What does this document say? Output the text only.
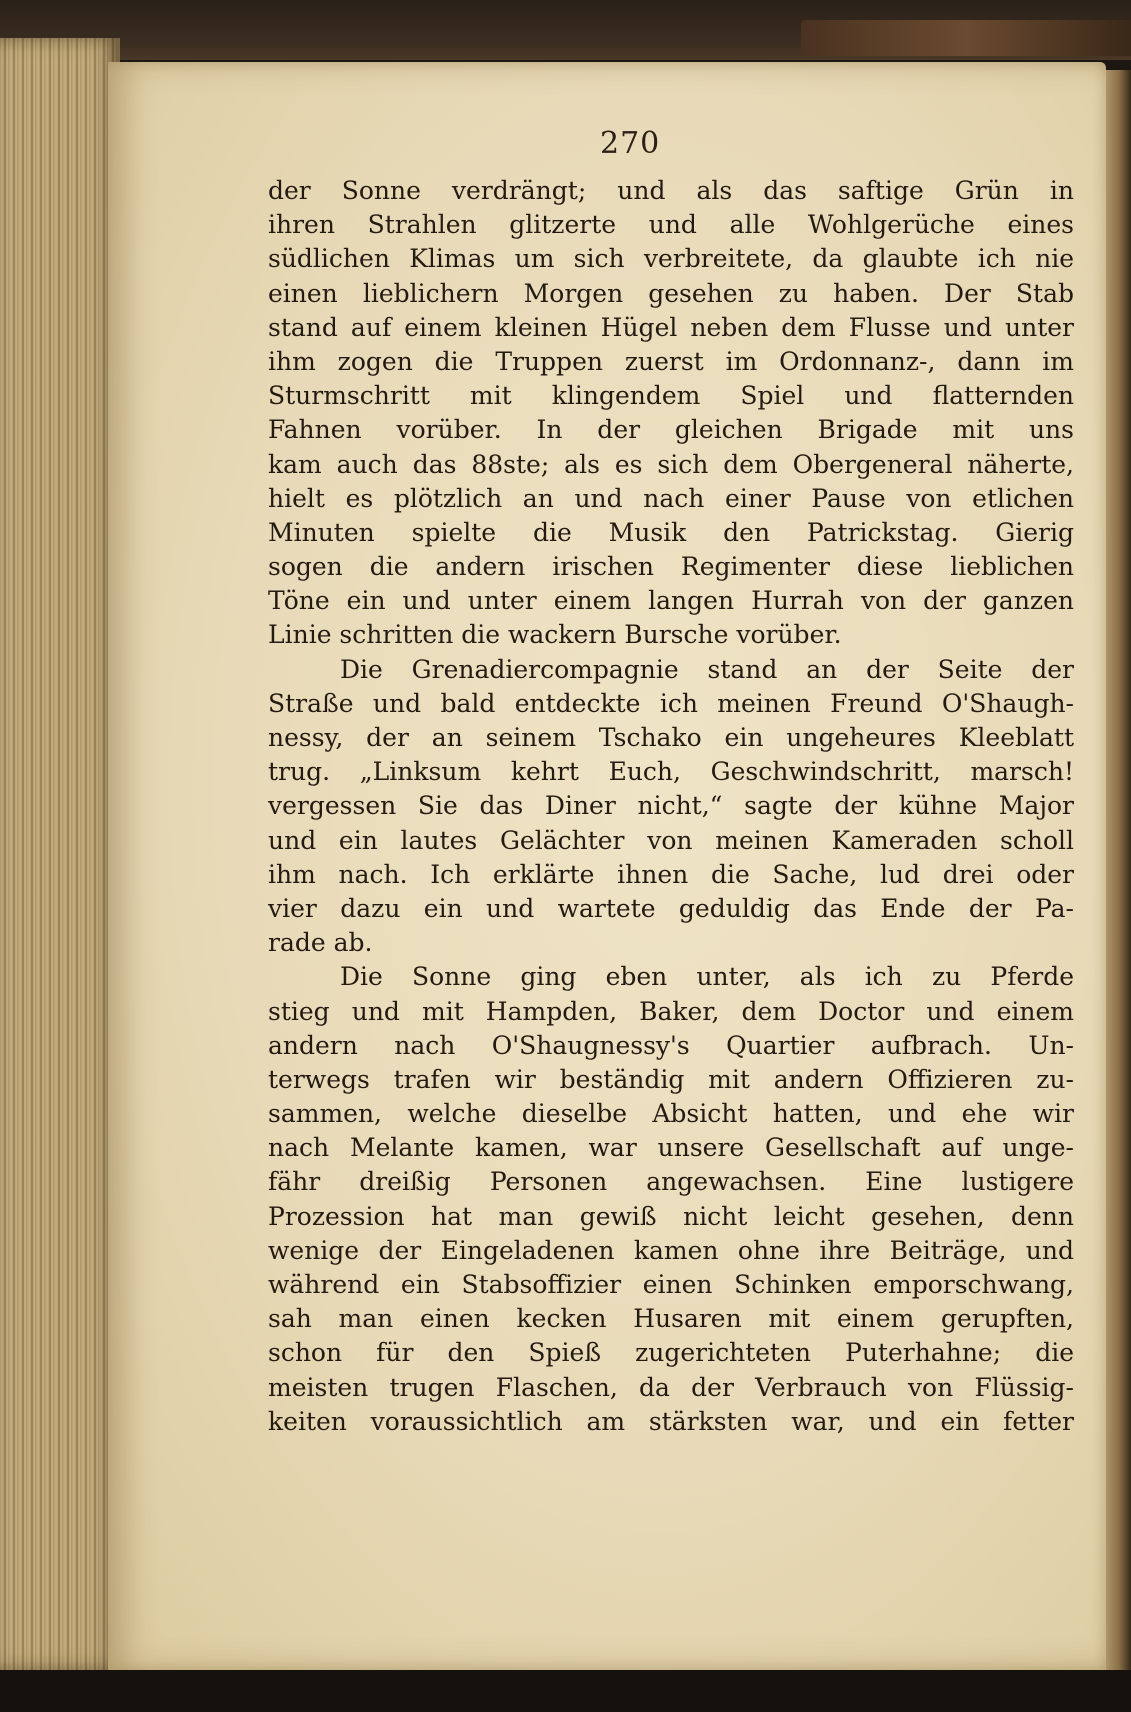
270
der Sonne verdrängt; und als das saftige Grün in
ihren Strahlen glitzerte und alle Wohlgerüche eines
südlichen Klimas um sich verbreitete, da glaubte ich nie
einen lieblichern Morgen gesehen zu haben. Der Stab
stand auf einem kleinen Hügel neben dem Flusse und unter
ihm zogen die Truppen zuerst im Ordonnanz-, dann im
Sturmschritt mit klingendem Spiel und flatternden
Fahnen vorüber. In der gleichen Brigade mit uns
kam auch das 88ste; als es sich dem Obergeneral näherte,
hielt es plötzlich an und nach einer Pause von etlichen
Minuten spielte die Musik den Patrickstag. Gierig
sogen die andern irischen Regimenter diese lieblichen
Töne ein und unter einem langen Hurrah von der ganzen
Linie schritten die wackern Bursche vorüber.
Die Grenadiercompagnie stand an der Seite der
Straße und bald entdeckte ich meinen Freund O'Shaugh-
nessy, der an seinem Tschako ein ungeheures Kleeblatt
trug. „Linksum kehrt Euch, Geschwindschritt, marsch!
vergessen Sie das Diner nicht,“ sagte der kühne Major
und ein lautes Gelächter von meinen Kameraden scholl
ihm nach. Ich erklärte ihnen die Sache, lud drei oder
vier dazu ein und wartete geduldig das Ende der Pa-
rade ab.
Die Sonne ging eben unter, als ich zu Pferde
stieg und mit Hampden, Baker, dem Doctor und einem
andern nach O'Shaugnessy's Quartier aufbrach. Un-
terwegs trafen wir beständig mit andern Offizieren zu-
sammen, welche dieselbe Absicht hatten, und ehe wir
nach Melante kamen, war unsere Gesellschaft auf unge-
fähr dreißig Personen angewachsen. Eine lustigere
Prozession hat man gewiß nicht leicht gesehen, denn
wenige der Eingeladenen kamen ohne ihre Beiträge, und
während ein Stabsoffizier einen Schinken emporschwang,
sah man einen kecken Husaren mit einem gerupften,
schon für den Spieß zugerichteten Puterhahne; die
meisten trugen Flaschen, da der Verbrauch von Flüssig-
keiten voraussichtlich am stärksten war, und ein fetter
